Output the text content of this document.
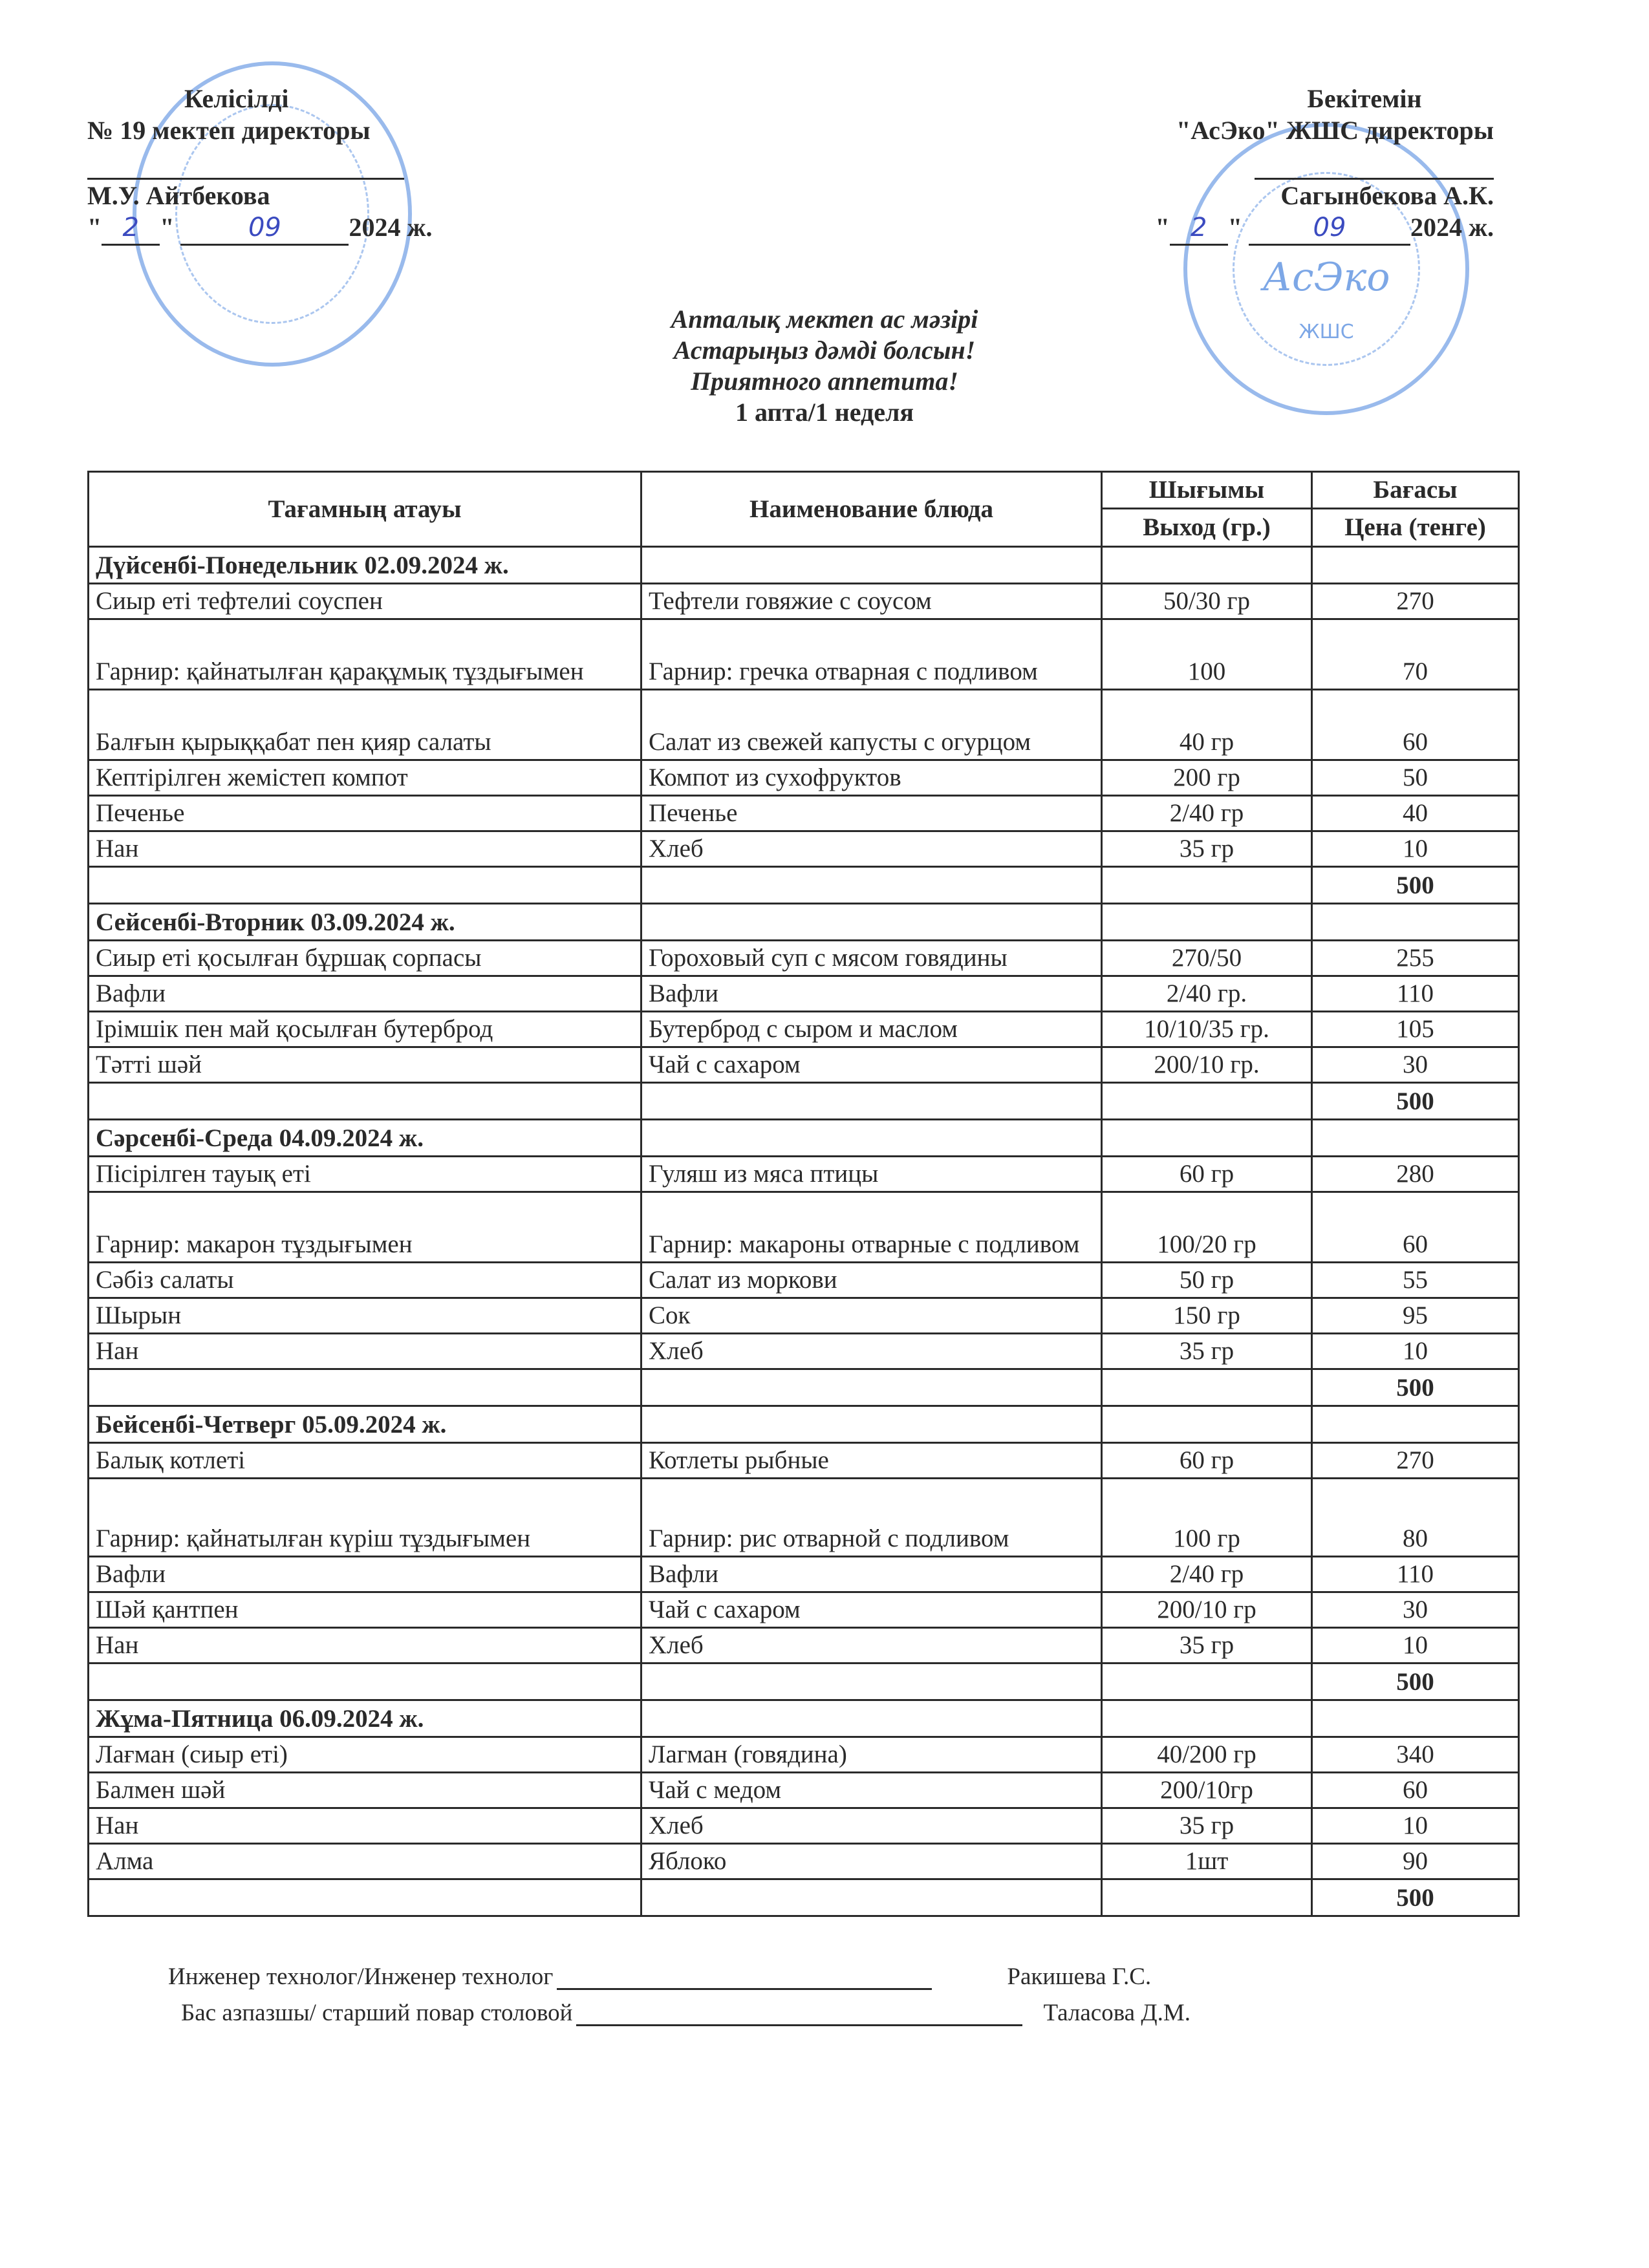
АсЭко
ЖШС
Келісілді
№ 19 мектеп директоры

М.У. Айтбекова
" 2 "	09	2024 ж.
Бекітемін
"АсЭко" ЖШС директоры

Сагынбекова А.К.
" 2 "	09 2024 ж.
Апталық мектеп ас мәзірі
Астарыңыз дәмді болсын!
Приятного аппетита!
1 апта/1 неделя
Тағамның атауы	Наименование блюда	Шығымы	Бағасы
		Выход (гр.)	Цена (тенге)
Дүйсенбі-Понедельник 02.09.2024 ж.			
Сиыр еті тефтелиі соуспен	Тефтели говяжие с соусом	50/30 гр	270
Гарнир: қайнатылған қарақұмық тұздығымен	Гарнир: гречка отварная с подливом	100	70
Балғын қырыққабат пен қияр салаты	Салат из свежей капусты с огурцом	40 гр	60
Кептірілген жемістеп компот	Компот из сухофруктов	200 гр	50
Печенье	Печенье	2/40 гр	40
Нан	Хлеб	35 гр	10
			500
Сейсенбі-Вторник 03.09.2024 ж.			
Сиыр еті қосылған бұршақ сорпасы	Гороховый суп с мясом говядины	270/50	255
Вафли	Вафли	2/40 гр.	110
Ірімшік пен май қосылған бутерброд	Бутерброд с сыром и маслом	10/10/35 гр.	105
Тәтті шәй	Чай с сахаром	200/10 гр.	30
			500
Сәрсенбі-Среда 04.09.2024 ж.			
Пісірілген тауық еті	Гуляш из мяса птицы	60 гр	280
Гарнир: макарон тұздығымен	Гарнир: макароны отварные с подливом	100/20 гр	60
Сәбіз салаты	Салат из моркови	50 гр	55
Шырын	Сок	150 гр	95
Нан	Хлеб	35 гр	10
			500
Бейсенбі-Четверг 05.09.2024 ж.			
Балық котлеті	Котлеты рыбные	60 гр	270
Гарнир: қайнатылған күріш тұздығымен	Гарнир: рис отварной с подливом	100 гр	80
Вафли	Вафли	2/40 гр	110
Шәй қантпен	Чай с сахаром	200/10 гр	30
Нан	Хлеб	35 гр	10
			500
Жұма-Пятница 06.09.2024 ж.			
Лағман (сиыр еті)	Лагман (говядина)	40/200 гр	340
Балмен шәй	Чай с медом	200/10гр	60
Нан	Хлеб	35 гр	10
Алма	Яблоко	1шт	90
			500
Инженер технолог/Инженер технолог	Ракишева Г.С.
Бас азпазшы/ старший повар столовой	Таласова Д.М.
